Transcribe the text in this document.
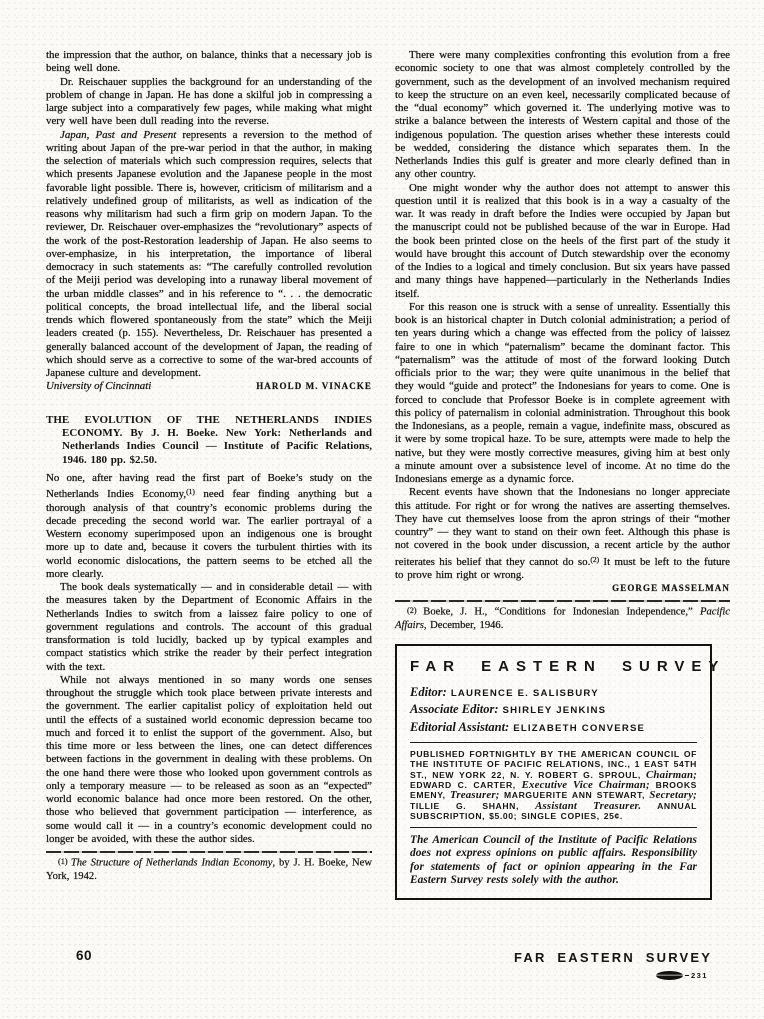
the impression that the author, on balance, thinks that a necessary job is being well done.

Dr. Reischauer supplies the background for an understanding of the problem of change in Japan. He has done a skilful job in compressing a large subject into a comparatively few pages, while making what might very well have been dull reading into the reverse.

Japan, Past and Present represents a reversion to the method of writing about Japan of the pre-war period in that the author, in making the selection of materials which such compression requires, selects that which presents Japanese evolution and the Japanese people in the most favorable light possible. There is, however, criticism of militarism and a relatively undefined group of militarists, as well as indication of the reasons why militarism had such a firm grip on modern Japan. To the reviewer, Dr. Reischauer over-emphasizes the “revolutionary” aspects of the work of the post-Restoration leadership of Japan. He also seems to over-emphasize, in his interpretation, the importance of liberal democracy in such statements as: “The carefully controlled revolution of the Meiji period was developing into a runaway liberal movement of the urban middle classes” and in his reference to “. . . the democratic political concepts, the broad intellectual life, and the liberal social trends which flowered spontaneously from the state” which the Meiji leaders created (p. 155). Nevertheless, Dr. Reischauer has presented a generally balanced account of the development of Japan, the reading of which should serve as a corrective to some of the war-bred accounts of Japanese culture and development.

University of Cincinnati	HAROLD M. VINACKE
THE EVOLUTION OF THE NETHERLANDS INDIES ECONOMY. By J. H. Boeke. New York: Netherlands and Netherlands Indies Council — Institute of Pacific Relations, 1946. 180 pp. $2.50.

No one, after having read the first part of Boeke’s study on the Netherlands Indies Economy,$^{(1)}$ need fear finding anything but a thorough analysis of that country’s economic problems during the decade preceding the second world war. The earlier portrayal of a Western economy superimposed upon an indigenous one is brought more up to date and, because it covers the turbulent thirties with its world economic dislocations, the pattern seems to be etched all the more clearly.

The book deals systematically — and in considerable detail — with the measures taken by the Department of Economic Affairs in the Netherlands Indies to switch from a laissez faire policy to one of government regulations and controls. The account of this gradual transformation is told lucidly, backed up by typical examples and compact statistics which strike the reader by their perfect integration with the text.

While not always mentioned in so many words one senses throughout the struggle which took place between private interests and the government. The earlier capitalist policy of exploitation held out until the effects of a sustained world economic depression became too much and forced it to enlist the support of the government. Also, but this time more or less between the lines, one can detect differences between factions in the government in dealing with these problems. On the one hand there were those who looked upon government controls as only a temporary measure — to be released as soon as an “expected” world economic balance had once more been restored. On the other, those who believed that government participation — interference, as some would call it — in a country’s economic development could no longer be avoided, with these the author sides.

(1) The Structure of Netherlands Indian Economy, by J. H. Boeke, New York, 1942.

There were many complexities confronting this evolution from a free economic society to one that was almost completely controlled by the government, such as the development of an involved mechanism required to keep the structure on an even keel, necessarily complicated because of the “dual economy” which governed it. The underlying motive was to strike a balance between the interests of Western capital and those of the indigenous population. The question arises whether these interests could be wedded, considering the distance which separates them. In the Netherlands Indies this gulf is greater and more clearly defined than in any other country.

One might wonder why the author does not attempt to answer this question until it is realized that this book is in a way a casualty of the war. It was ready in draft before the Indies were occupied by Japan but the manuscript could not be published because of the war in Europe. Had the book been printed close on the heels of the first part of the study it would have brought this account of Dutch stewardship over the economy of the Indies to a logical and timely conclusion. But six years have passed and many things have happened—particularly in the Netherlands Indies itself.

For this reason one is struck with a sense of unreality. Essentially this book is an historical chapter in Dutch colonial administration; a period of ten years during which a change was effected from the policy of laissez faire to one in which “paternalism” became the dominant factor. This “paternalism” was the attitude of most of the forward looking Dutch officials prior to the war; they were quite unanimous in the belief that they would “guide and protect” the Indonesians for years to come. One is forced to conclude that Professor Boeke is in complete agreement with this policy of paternalism in colonial administration. Throughout this book the Indonesians, as a people, remain a vague, indefinite mass, obscured as it were by some tropical haze. To be sure, attempts were made to help the native, but they were mostly corrective measures, giving him at best only a minute amount over a subsistence level of income. At no time do the Indonesians emerge as a dynamic force.

Recent events have shown that the Indonesians no longer appreciate this attitude. For right or for wrong the natives are asserting themselves. They have cut themselves loose from the apron strings of their “mother country” — they want to stand on their own feet. Although this phase is not covered in the book under discussion, a recent article by the author reiterates his belief that they cannot do so.$^{(2)}$ It must be left to the future to prove him right or wrong.

GEORGE MASSELMAN

(2) Boeke, J. H., “Conditions for Indonesian Independence,” Pacific Affairs, December, 1946.

FAR EASTERN SURVEY
Editor: LAURENCE E. SALISBURY
Associate Editor: SHIRLEY JENKINS
Editorial Assistant: ELIZABETH CONVERSE

PUBLISHED FORTNIGHTLY BY THE AMERICAN COUNCIL OF THE INSTITUTE OF PACIFIC RELATIONS, INC., 1 EAST 54TH ST., NEW YORK 22, N. Y. ROBERT G. SPROUL, Chairman; EDWARD C. CARTER, Executive Vice Chairman; BROOKS EMENY, Treasurer; MARGUERITE ANN STEWART, Secretary; TILLIE G. SHAHN, Assistant Treasurer. ANNUAL SUBSCRIPTION, $5.00; SINGLE COPIES, 25¢.

The American Council of the Institute of Pacific Relations does not express opinions on public affairs. Responsibility for statements of fact or opinion appearing in the Far Eastern Survey rests solely with the author.

60	FAR EASTERN SURVEY
231
